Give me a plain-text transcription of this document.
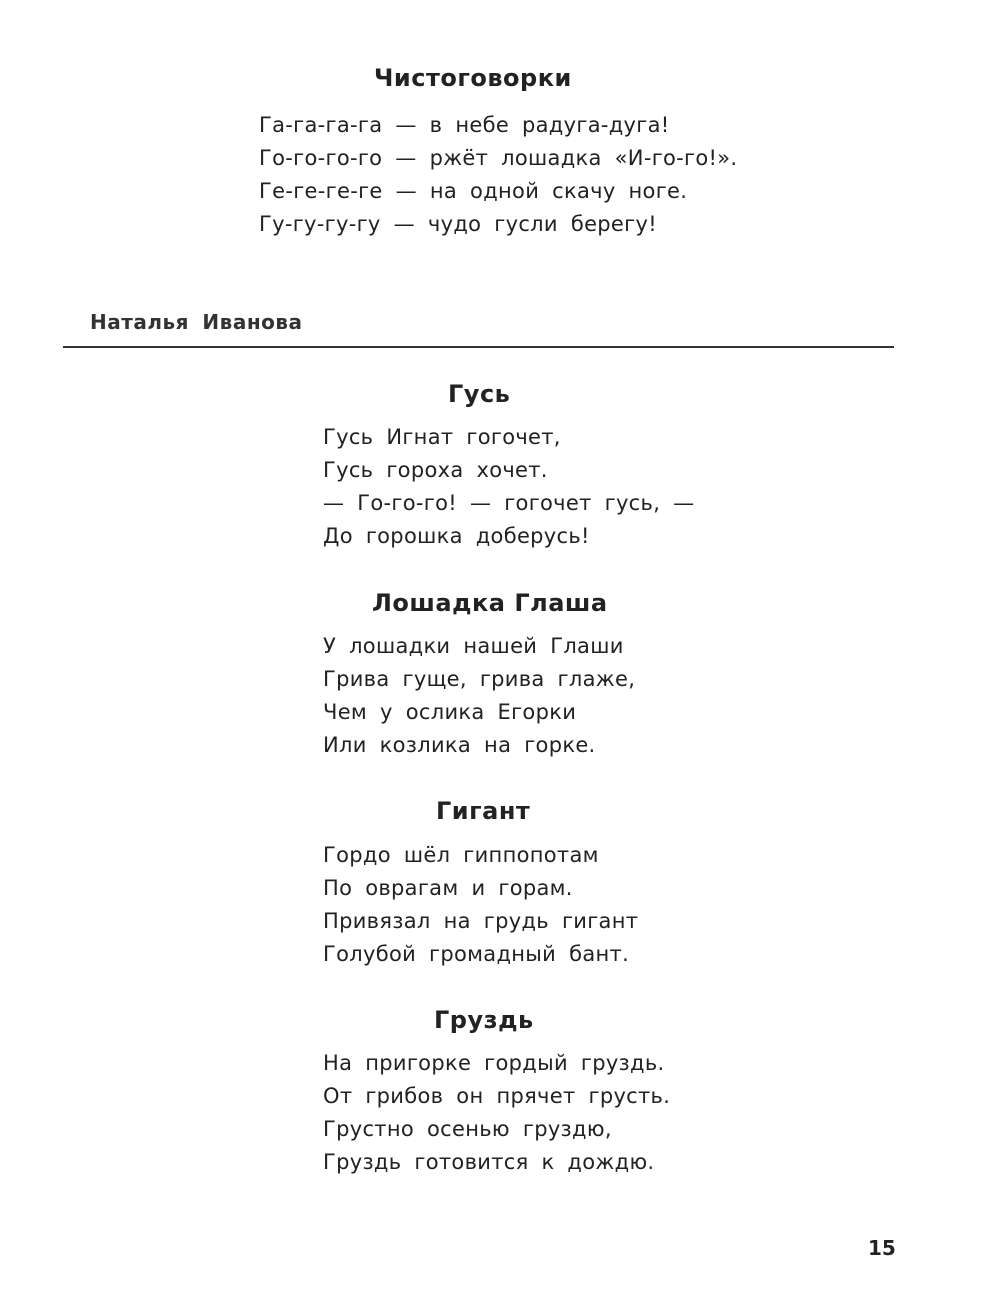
Чистоговорки
Га-га-га-га — в небе радуга-дуга!
Го-го-го-го — ржёт лошадка «И-го-го!».
Ге-ге-ге-ге — на одной скачу ноге.
Гу-гу-гу-гу — чудо гусли берегу!
Наталья Иванова
Гусь
Гусь Игнат гогочет,
Гусь гороха хочет.
— Го-го-го! — гогочет гусь, —
До горошка доберусь!
Лошадка Глаша
У лошадки нашей Глаши
Грива гуще, грива глаже,
Чем у ослика Егорки
Или козлика на горке.
Гигант
Гордо шёл гиппопотам
По оврагам и горам.
Привязал на грудь гигант
Голубой громадный бант.
Груздь
На пригорке гордый груздь.
От грибов он прячет грусть.
Грустно осенью груздю,
Груздь готовится к дождю.
15
